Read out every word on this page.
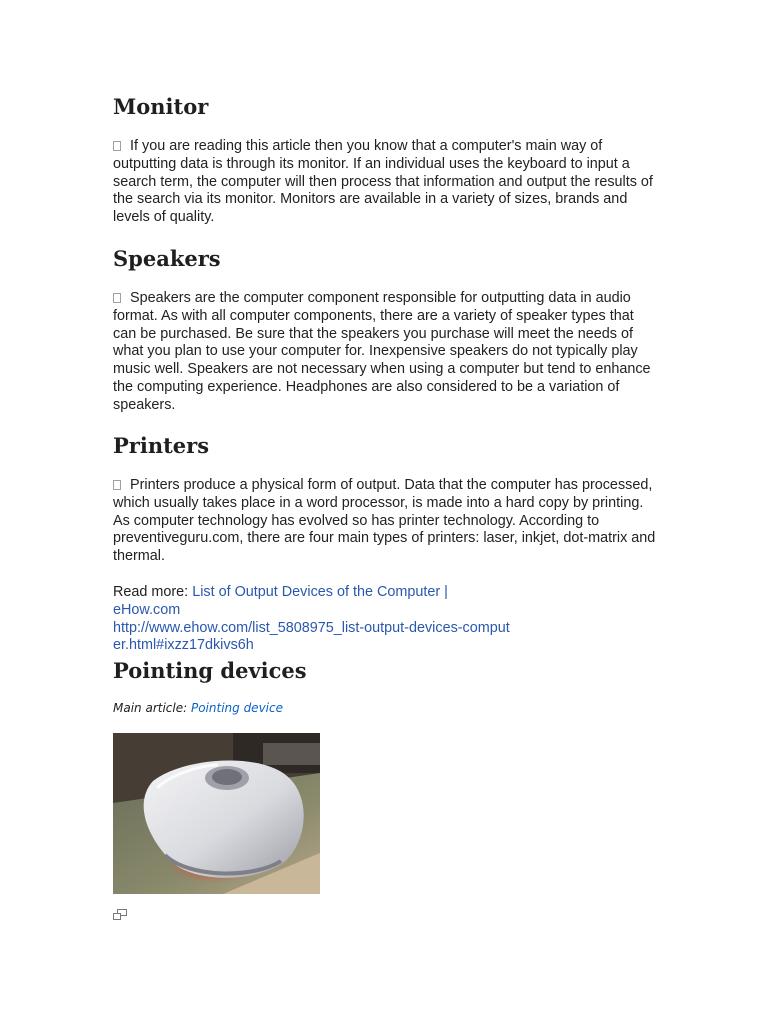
Monitor

If you are reading this article then you know that a computer's main way of outputting data is through its monitor. If an individual uses the keyboard to input a search term, the computer will then process that information and output the results of the search via its monitor. Monitors are available in a variety of sizes, brands and levels of quality.

Speakers

Speakers are the computer component responsible for outputting data in audio format. As with all computer components, there are a variety of speaker types that can be purchased. Be sure that the speakers you purchase will meet the needs of what you plan to use your computer for. Inexpensive speakers do not typically play music well. Speakers are not necessary when using a computer but tend to enhance the computing experience. Headphones are also considered to be a variation of speakers.

Printers

Printers produce a physical form of output. Data that the computer has processed, which usually takes place in a word processor, is made into a hard copy by printing. As computer technology has evolved so has printer technology. According to preventiveguru.com, there are four main types of printers: laser, inkjet, dot-matrix and thermal.

Read more: List of Output Devices of the Computer | eHow.com
http://www.ehow.com/list_5808975_list-output-devices-computer.html#ixzz17dkivs6h

Pointing devices
Main article: Pointing device
